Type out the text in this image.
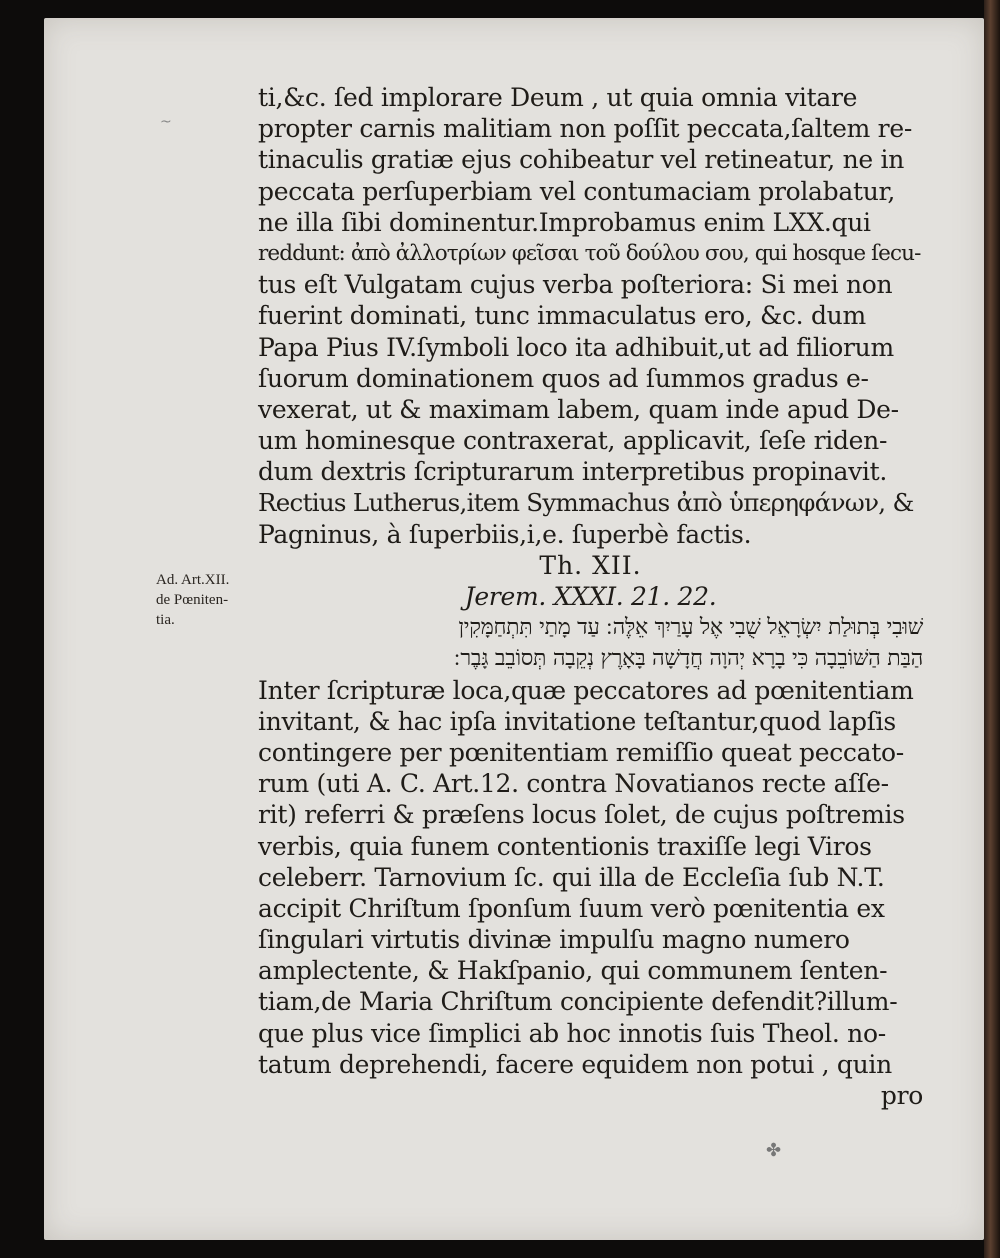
~
Ad. Art.XII.
de Pœniten-
tia.
ti,&c. ſed implorare Deum , ut quia omnia vitare
propter carnis malitiam non poſſit peccata,ſaltem re-
tinaculis gratiæ ejus cohibeatur vel retineatur, ne in
peccata perſuperbiam vel contumaciam prolabatur,
ne illa ſibi dominentur.Improbamus enim LXX.qui
reddunt: ἀπὸ ἀλλοτρίων φεῖσαι τοῦ δούλου σου, qui hosque ſecu-
tus eſt Vulgatam cujus verba poſteriora: Si mei non
fuerint dominati, tunc immaculatus ero, &c. dum
Papa Pius IV.ſymboli loco ita adhibuit,ut ad filiorum
ſuorum dominationem quos ad ſummos gradus e-
vexerat, ut & maximam labem, quam inde apud De-
um hominesque contraxerat, applicavit, ſeſe riden-
dum dextris ſcripturarum interpretibus propinavit.
Rectius Lutherus,item Symmachus ἀπὸ ὑπερηφάνων, &
Pagninus, à ſuperbiis,i,e. ſuperbè factis.
Th. XII.
Jerem. XXXI. 21. 22.
שׁוּבִי בְּתוּלַת יִשְׂרָאֵל שֻׁבִי אֶל עָרַיִךְ אֵלֶּה ׃ עַד מָתַי תִּתְחַמָּקִין
הַבַּת הַשּׁוֹבֵבָה כִּי בָרָא יְהוָה חֲדָשָׁה בָּאָרֶץ נְקֵבָה תְּסוֹבֵב גָּבֶר ׃
Inter ſcripturæ loca,quæ peccatores ad pœnitentiam
invitant, & hac ipſa invitatione teſtantur,quod lapſis
contingere per pœnitentiam remiſſio queat peccato-
rum (uti A. C. Art.12. contra Novatianos recte aſſe-
rit) referri & præſens locus ſolet, de cujus poſtremis
verbis, quia funem contentionis traxiſſe legi Viros
celeberr. Tarnovium ſc. qui illa de Eccleſia ſub N.T.
accipit Chriſtum ſponſum ſuum verò pœnitentia ex
ſingulari virtutis divinæ impulſu magno numero
amplectente, & Hakſpanio, qui communem ſenten-
tiam,de Maria Chriſtum concipiente defendit?illum-
que plus vice ſimplici ab hoc innotis ſuis Theol. no-
tatum deprehendi, facere equidem non potui , quin
pro
✤
